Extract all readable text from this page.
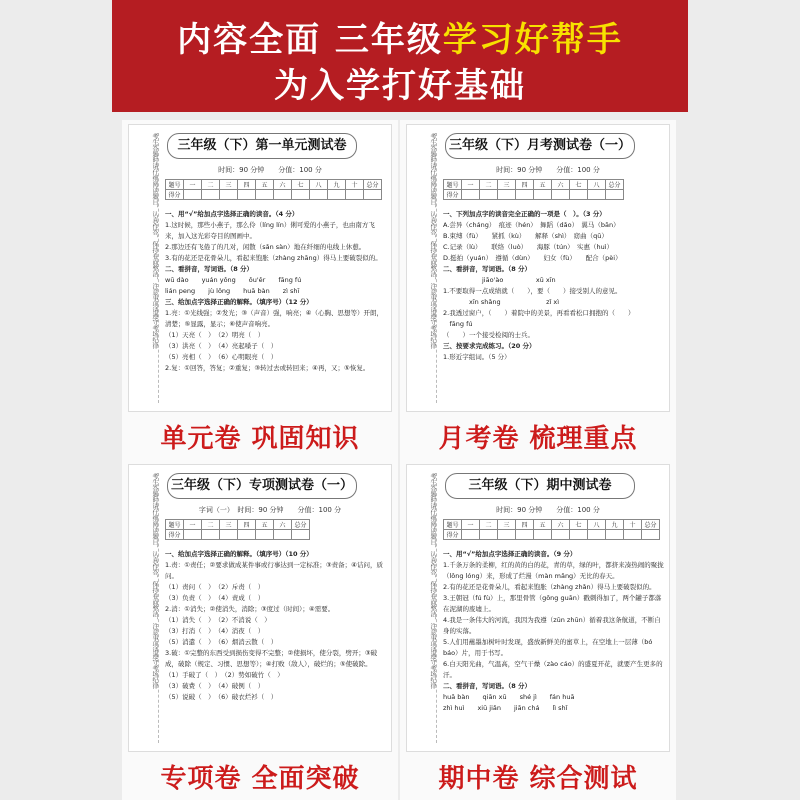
内容全面 三年级学习好帮手
为入学打好基础
考生答题时请仔细阅读题目，认真作答，保持卷面整洁，注意事项请遵守考场纪律	三年级（下）第一单元测试卷
时间：90 分钟　　分值：100 分
题号	一	二	三	四	五	六	七	八	九	十	总分
得分											
一、用“√”给加点字选择正确的读音。（4 分）
1.这时候，那些小燕子，那么伶（líng lín）俐可爱的小燕子，也由南方飞来，加入这光彩夺目的图画中。
2.那边还有飞倦了的几对，闲散（sǎn sàn）地在纤细的电线上休憩。
3.有的花还是花骨朵儿，看起来饱胀（zhàng zhāng）得马上要破裂似的。
二、看拼音，写词语。（8 分）
wū dào　　yuán yǒng　　ǒu'ěr　　fāng fú
lián peng　　jù lǒng　　huā bàn　　zì shī
三、给加点字选择正确的解释。（填序号）（12 分）
1.亮：①光线强；②发光；③（声音）强，响亮；④（心胸、思想等）开朗，清楚；⑤显露，显示；⑥使声音响亮。
（1）天亮（　）　（2）明亮（　）
（3）洪亮（　）　（4）亮起嗓子（　）
（5）亮相（　）　（6）心明眼亮（　）
2.复：①回答，答复；②重复；③转过去或转回来；④再，又；⑤恢复。
单元卷 巩固知识
考生答题时请仔细阅读题目，认真作答，保持卷面整洁，注意事项请遵守考场纪律 三年级（下）月考测试卷（一）
时间：90 分钟　　分值：100 分
题号	一	二	三	四	五	六	七	八	总分
得分									
一、下列加点字的读音完全正确的一项是（　）。（3 分）
A.尝异（cháng）　痕迹（hén）　舞蹈（dǎo）　翼马（bān）
B.束缚（fù）　　紧抓（kù）　　解释（shì）　窈曲（qū）
C.记录（lù）　　联络（luò）　　海豚（tún）　实惠（huì）
D.挺拍（yuán）　遵循（dùn）　　妇女（fù）　　配合（pèi）
二、看拼音，写词语。（8 分）
　　　　　　jiāo'ào　　　　　xū xīn
1.不要取得一点成绩就（　　），要（　　）接受别人的意见。
　　　　xīn shǎng　　　　　　　zǐ xì
2.我透过窗户，（　　）着院中的美景，再看看松口拥抱的（　　）
　fāng fú
（　　）一个接受检阅的士兵。
三、按要求完成练习。（20 分）
1.形近字组词。（5 分）
月考卷 梳理重点
考生答题时请仔细阅读题目，认真作答，保持卷面整洁，注意事项请遵守考场纪律 三年级（下）专项测试卷（一）
字词（一）　时间：90 分钟　　分值：100 分
题号	一	二	三	四	五	六	总分
得分							
一、给加点字选择正确的解释。（填序号）（10 分）
1.责：①责任；②要求做成某件事或行事达到一定标准；③责备；④诘问，质问。
（1）责问（　）　（2）斥责（　）
（3）负责（　）　（4）责成（　）
2.消：①消失；②使消失，消除；③度过（时间）；④需要。
（1）消失（　）　（2）不消说（　）
（3）打消（　）　（4）消夜（　）
（5）消遣（　）　（6）烟消云散（　）
3.破：①完整的东西受到损伤变得不完整；②使损坏，使分裂，劈开；③破成，破除（规定、习惯、思想等）；④打败（敌人），破烂的；⑤使破除。
（1）手破了（　）　（2）势如破竹（　）
（3）破费（　）　（4）破例（　）
（5）说破（　）　（6）破衣烂衫（　）
专项卷 全面突破
考生答题时请仔细阅读题目，认真作答，保持卷面整洁，注意事项请遵守考场纪律	三年级（下）期中测试卷
时间：90 分钟　　分值：100 分
题号	一	二	三	四	五	六	七	八	九	十	总分
得分											
一、用“√”给加点字选择正确的读音。（9 分）
1.千条万条的柔柳，红的黄的白的花，青的草，绿的叶，都挤来凑热闹的聚拢（lǒng lóng）来，形成了烂漫（màn mǎng）无比的春天。
2.有的花还是花骨朵儿，看起来饱胀（zhàng zhǎn）得马上要破裂似的。
3.王朝冠（fú fù）上，那里骨管（gōng guān）戳刺得加了，两个罐子都落在泥湖的废墟上。
4.我是一条伟大的河流，我因为我遵（zūn zhūn）循着我这条航道，不断自身的实落。
5.人们用蘸墨加树叶时发现，盛放新鲜美的蜜草上，在空地上一层薄（bó báo）片，用于书写。
6.白天阳光曲，气温高，空气干燥（zào cáo）的盛夏开花，就要产生更多的汗。
二、看拼音，写词语。（8 分）
huā bàn　　qiān xū　　shé jì　　fán huā
zhì huì　　xiū jiǎn　　jiān chá　　lì shǐ
期中卷 综合测试
